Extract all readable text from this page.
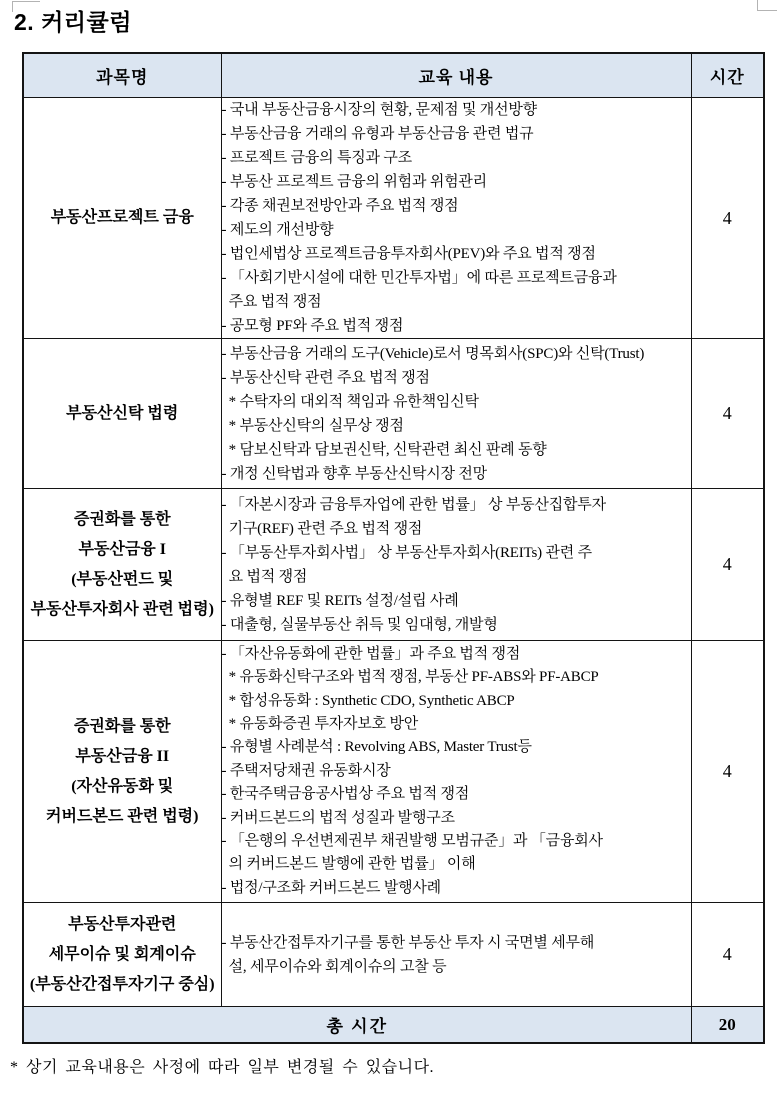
2. 커리큘럼
과목명	교육 내용	시간

부동산프로젝트 금융

- 국내 부동산금융시장의 현황, 문제점 및 개선방향
- 부동산금융 거래의 유형과 부동산금융 관련 법규
- 프로젝트 금융의 특징과 구조
- 부동산 프로젝트 금융의 위험과 위험관리
- 각종 채권보전방안과 주요 법적 쟁점
- 제도의 개선방향
- 법인세법상 프로젝트금융투자회사(PEV)와 주요 법적 쟁점
- 「사회기반시설에 대한 민간투자법」에 따른 프로젝트금융과
주요 법적 쟁점
- 공모형 PF와 주요 법적 쟁점
	4

부동산신탁 법령

- 부동산금융 거래의 도구(Vehicle)로서 명목회사(SPC)와 신탁(Trust)
- 부동산신탁 관련 주요 법적 쟁점
* 수탁자의 대외적 책임과 유한책임신탁
* 부동산신탁의 실무상 쟁점
* 담보신탁과 담보권신탁, 신탁관련 최신 판례 동향
- 개정 신탁법과 향후 부동산신탁시장 전망
	4

증권화를 통한
부동산금융 I
(부동산펀드 및
부동산투자회사 관련 법령)

- 「자본시장과 금융투자업에 관한 법률」 상 부동산집합투자
기구(REF) 관련 주요 법적 쟁점
- 「부동산투자회사법」 상 부동산투자회사(REITs) 관련 주
요 법적 쟁점
- 유형별 REF 및 REITs 설정/설립 사례
- 대출형, 실물부동산 취득 및 임대형, 개발형
	4

증권화를 통한
부동산금융 II
(자산유동화 및
커버드본드 관련 법령)

- 「자산유동화에 관한 법률」과 주요 법적 쟁점
* 유동화신탁구조와 법적 쟁점, 부동산 PF-ABS와 PF-ABCP
* 합성유동화 : Synthetic CDO, Synthetic ABCP
* 유동화증권 투자자보호 방안
- 유형별 사례분석 : Revolving ABS, Master Trust등
- 주택저당채권 유동화시장
- 한국주택금융공사법상 주요 법적 쟁점
- 커버드본드의 법적 성질과 발행구조
- 「은행의 우선변제권부 채권발행 모범규준」과 「금융회사
의 커버드본드 발행에 관한 법률」 이해
- 법정/구조화 커버드본드 발행사례
	4

부동산투자관련
세무이슈 및 회계이슈
(부동산간접투자기구 중심)

- 부동산간접투자기구를 통한 부동산 투자 시 국면별 세무해
설, 세무이슈와 회계이슈의 고찰 등
	4
총 시간		20
* 상기 교육내용은 사정에 따라 일부 변경될 수 있습니다.
